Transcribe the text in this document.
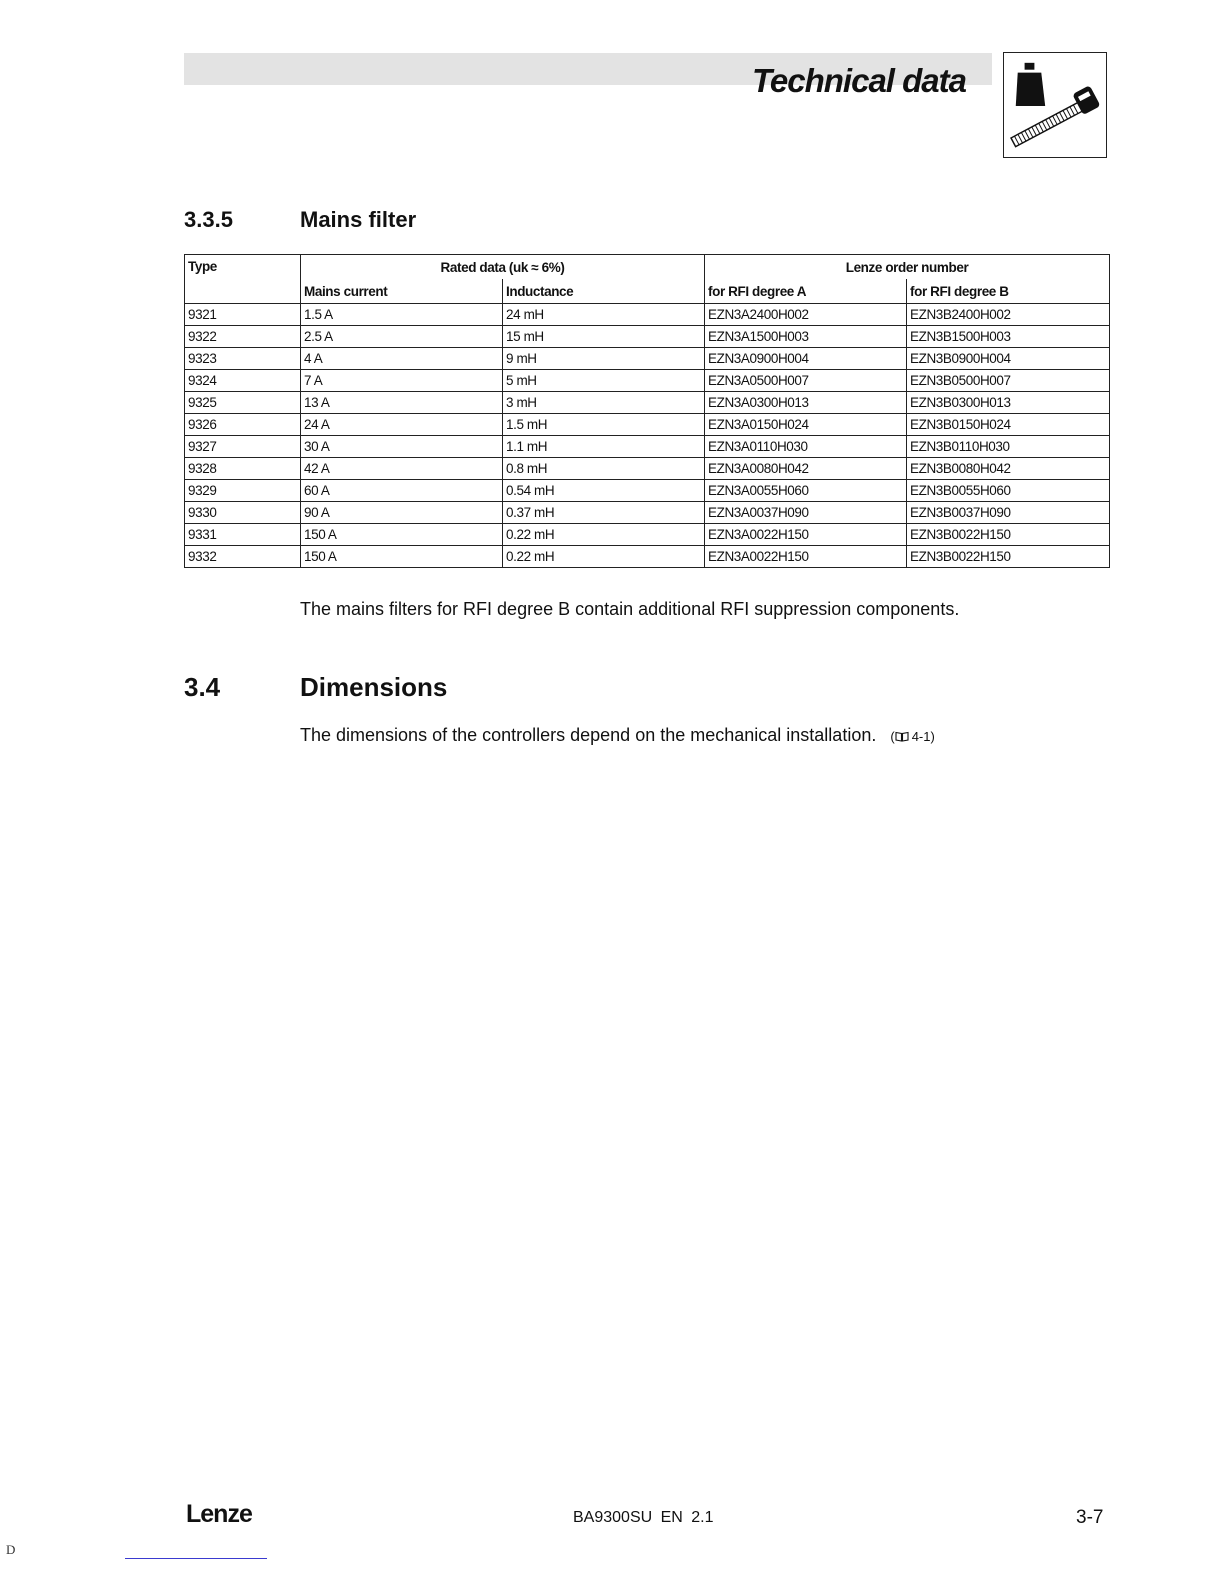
Technical data
3.3.5	Mains filter
Type	Rated data (uk ≈ 6%)		Lenze order number	
	Mains current	Inductance	for RFI degree A	for RFI degree B
9321	1.5 A	24 mH	EZN3A2400H002	EZN3B2400H002
9322	2.5 A	15 mH	EZN3A1500H003	EZN3B1500H003
9323	4 A	9 mH	EZN3A0900H004	EZN3B0900H004
9324	7 A	5 mH	EZN3A0500H007	EZN3B0500H007
9325	13 A	3 mH	EZN3A0300H013	EZN3B0300H013
9326	24 A	1.5 mH	EZN3A0150H024	EZN3B0150H024
9327	30 A	1.1 mH	EZN3A0110H030	EZN3B0110H030
9328	42 A	0.8 mH	EZN3A0080H042	EZN3B0080H042
9329	60 A	0.54 mH	EZN3A0055H060	EZN3B0055H060
9330	90 A	0.37 mH	EZN3A0037H090	EZN3B0037H090
9331	150 A	0.22 mH	EZN3A0022H150	EZN3B0022H150
9332	150 A	0.22 mH	EZN3A0022H150	EZN3B0022H150
The mains filters for RFI degree B contain additional RFI suppression components.
3.4	Dimensions
The dimensions of the controllers depend on the mechanical installation. ( 4-1)
Lenze	BA9300SU EN 2.1	3-7
D
